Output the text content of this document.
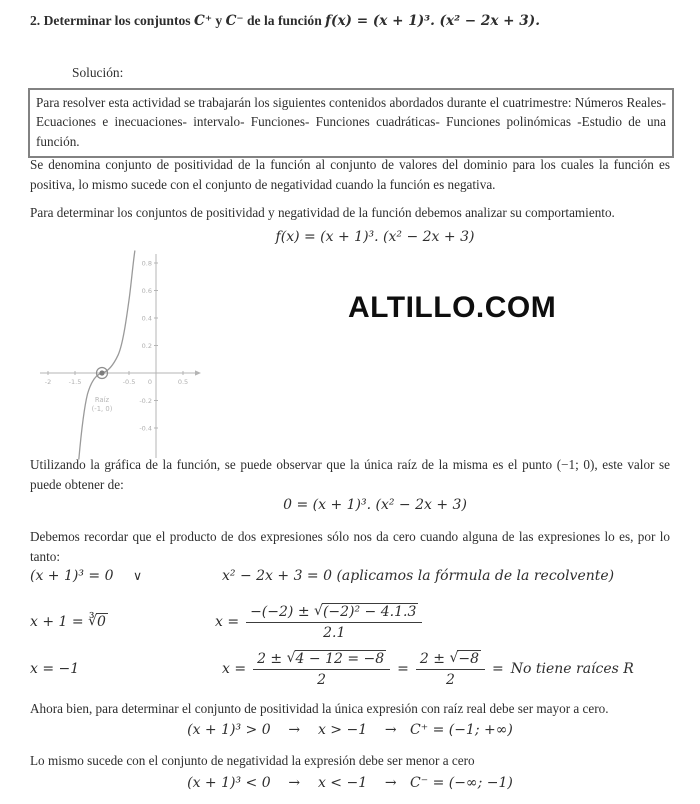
2. Determinar los conjuntos C⁺ y C⁻ de la función f(x) = (x + 1)³. (x² − 2x + 3).
Solución:
Para resolver esta actividad se trabajarán los siguientes contenidos abordados durante el cuatrimestre: Números Reales- Ecuaciones e inecuaciones- intervalo- Funciones- Funciones cuadráticas- Funciones polinómicas -Estudio de una función.
Se denomina conjunto de positividad de la función al conjunto de valores del dominio para los cuales la función es positiva, lo mismo sucede con el conjunto de negatividad cuando la función es negativa.
Para determinar los conjuntos de positividad y negatividad de la función debemos analizar su comportamiento.
f(x) = (x + 1)³. (x² − 2x + 3)
-2	-1.5	-0.5	0.5
0
0.8
0.6
0.4
0.2
-0.2
-0.4
Raíz
(-1, 0)
ALTILLO.COM
Utilizando la gráfica de la función, se puede observar que la única raíz de la misma es el punto (−1; 0), este valor se puede obtener de:
0 = (x + 1)³. (x² − 2x + 3)
Debemos recordar que el producto de dos expresiones sólo nos da cero cuando alguna de las expresiones lo es, por lo tanto:
(x + 1)³ = 0 ∨	x² − 2x + 3 = 0 (aplicamos la fórmula de la recolvente)
x + 1 = ∛0	$x = \frac{\text{−(−2) ± √(−2)² − 4.1.3}}{2.1}$
x = −1	$x = \frac{2 \pm √4 - 12 = -8}{2} = \frac{2 \pm √-8}{2} = No$ tiene raíces R
Ahora bien, para determinar el conjunto de positividad la única expresión con raíz real debe ser mayor a cero.
(x + 1)³ > 0    →    x > −1    →   C⁺ = (−1; +∞)
Lo mismo sucede con el conjunto de negatividad la expresión debe ser menor a cero
(x + 1)³ < 0    →    x < −1    →   C⁻ = (−∞; −1)
